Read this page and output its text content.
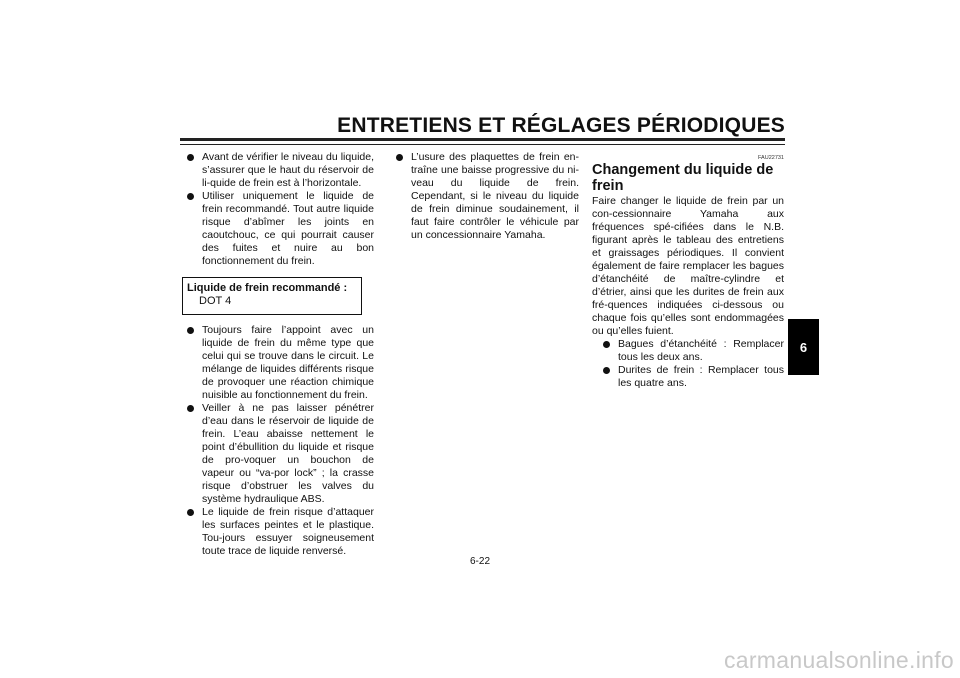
ENTRETIENS ET RÉGLAGES PÉRIODIQUES
Avant de vérifier le niveau du liquide, s’assurer que le haut du réservoir de li-quide de frein est à l’horizontale.
Utiliser uniquement le liquide de frein recommandé. Tout autre liquide risque d’abîmer les joints en caoutchouc, ce qui pourrait causer des fuites et nuire au bon fonctionnement du frein.
Liquide de frein recommandé :
DOT 4
Toujours faire l’appoint avec un liquide de frein du même type que celui qui se trouve dans le circuit. Le mélange de liquides différents risque de provoquer une réaction chimique nuisible au fonctionnement du frein.
Veiller à ne pas laisser pénétrer d’eau dans le réservoir de liquide de frein. L’eau abaisse nettement le point d’ébullition du liquide et risque de pro-voquer un bouchon de vapeur ou “va-por lock” ; la crasse risque d’obstruer les valves du système hydraulique ABS.
Le liquide de frein risque d’attaquer les surfaces peintes et le plastique. Tou-jours essuyer soigneusement toute trace de liquide renversé.
L’usure des plaquettes de frein en-traîne une baisse progressive du ni-veau du liquide de frein. Cependant, si le niveau du liquide de frein diminue soudainement, il faut faire contrôler le véhicule par un concessionnaire Yamaha.
FAU22731
Changement du liquide de frein
Faire changer le liquide de frein par un con-cessionnaire Yamaha aux fréquences spé-cifiées dans le N.B. figurant après le tableau des entretiens et graissages périodiques. Il convient également de faire remplacer les bagues d’étanchéité de maître-cylindre et d’étrier, ainsi que les durites de frein aux fré-quences indiquées ci-dessous ou chaque fois qu’elles sont endommagées ou qu’elles fuient.
Bagues d’étanchéité : Remplacer tous les deux ans.
Durites de frein : Remplacer tous les quatre ans.
6
6-22
carmanualsonline.info
